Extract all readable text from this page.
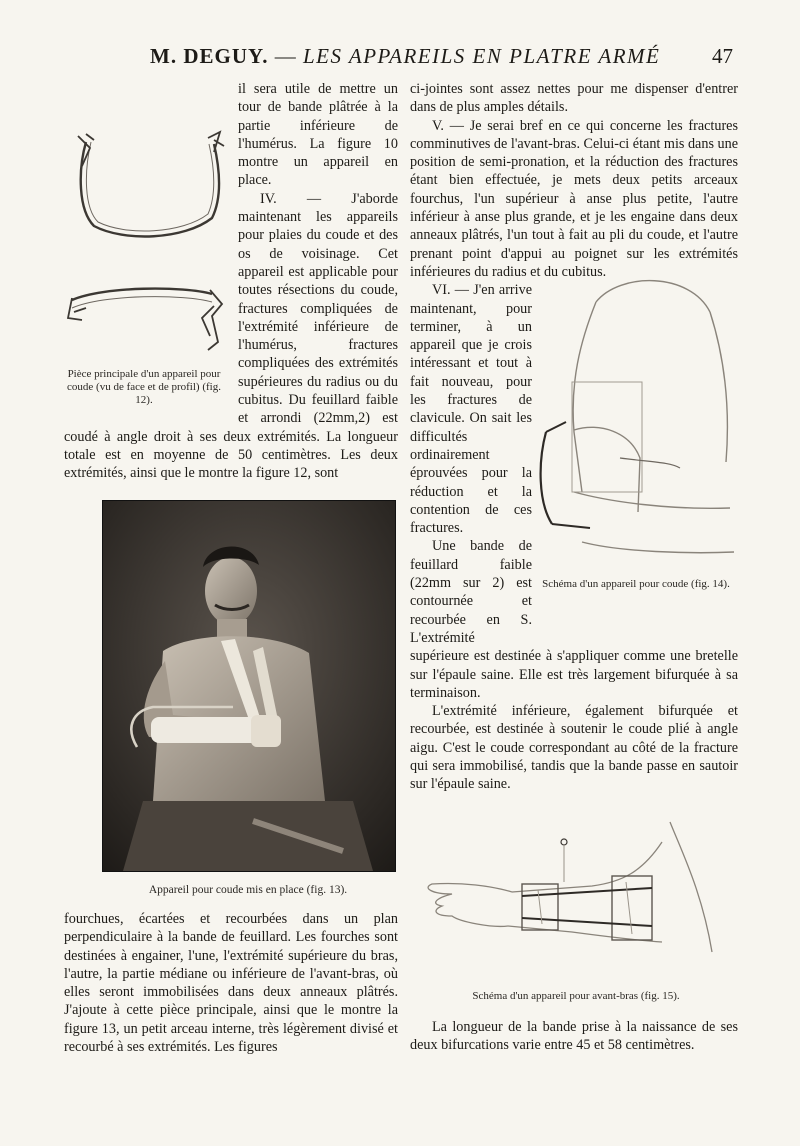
M. DEGUY. — LES APPAREILS EN PLATRE ARMÉ	47
Pièce principale d'un appareil pour coude (vu de face et de profil) (fig. 12).

il sera utile de mettre un tour de bande plâtrée à la partie inférieure de l'humérus. La figure 10 montre un appareil en place.

IV. — J'aborde maintenant les appareils pour plaies du coude et des os de voisinage. Cet appareil est applicable pour toutes résections du coude, fractures compliquées de l'extrémité inférieure de l'humérus, fractures compliquées des extrémités supérieures du radius ou du cubitus. Du feuillard faible et arrondi (22mm,2) est coudé à angle droit à ses deux extrémités. La longueur totale est en moyenne de 50 centimètres. Les deux extrémités, ainsi que le montre la figure 12, sont

Appareil pour coude mis en place (fig. 13).

fourchues, écartées et recourbées dans un plan perpendiculaire à la bande de feuillard. Les fourches sont destinées à engainer, l'une, l'extrémité supérieure du bras, l'autre, la partie médiane ou inférieure de l'avant-bras, où elles seront immobilisées dans deux anneaux plâtrés. J'ajoute à cette pièce principale, ainsi que le montre la figure 13, un petit arceau interne, très légèrement divisé et recourbé à ses extrémités. Les figures

ci-jointes sont assez nettes pour me dispenser d'entrer dans de plus amples détails.

V. — Je serai bref en ce qui concerne les fractures comminutives de l'avant-bras. Celui-ci étant mis dans une position de semi-pronation, et la réduction des fractures étant bien effectuée, je mets deux petits arceaux fourchus, l'un supérieur à anse plus petite, l'autre inférieur à anse plus grande, et je les engaine dans deux anneaux plâtrés, l'un tout à fait au pli du coude, et l'autre prenant point d'appui au poignet sur les extrémités inférieures du radius et du cubitus.

VI. — J'en arrive maintenant, pour terminer, à un appareil que je crois intéressant et tout à fait nouveau, pour les fractures de clavicule. On sait les difficultés ordinairement éprouvées pour la réduction et la contention de ces fractures.

Une bande de feuillard faible (22mm sur 2) est contournée et recourbée en S. L'extrémité supérieure est destinée à s'appliquer comme une bretelle sur l'épaule saine. Elle est très largement bifurquée à sa terminaison.

L'extrémité inférieure, également bifurquée et recourbée, est destinée à soutenir le coude plié à angle aigu. C'est le coude correspondant au côté de la fracture qui sera immobilisé, tandis que la bande passe en sautoir sur l'épaule saine.

Schéma d'un appareil pour coude (fig. 14).
Schéma d'un appareil pour avant-bras (fig. 15).

La longueur de la bande prise à la naissance de ses deux bifurcations varie entre 45 et 58 centimètres.
